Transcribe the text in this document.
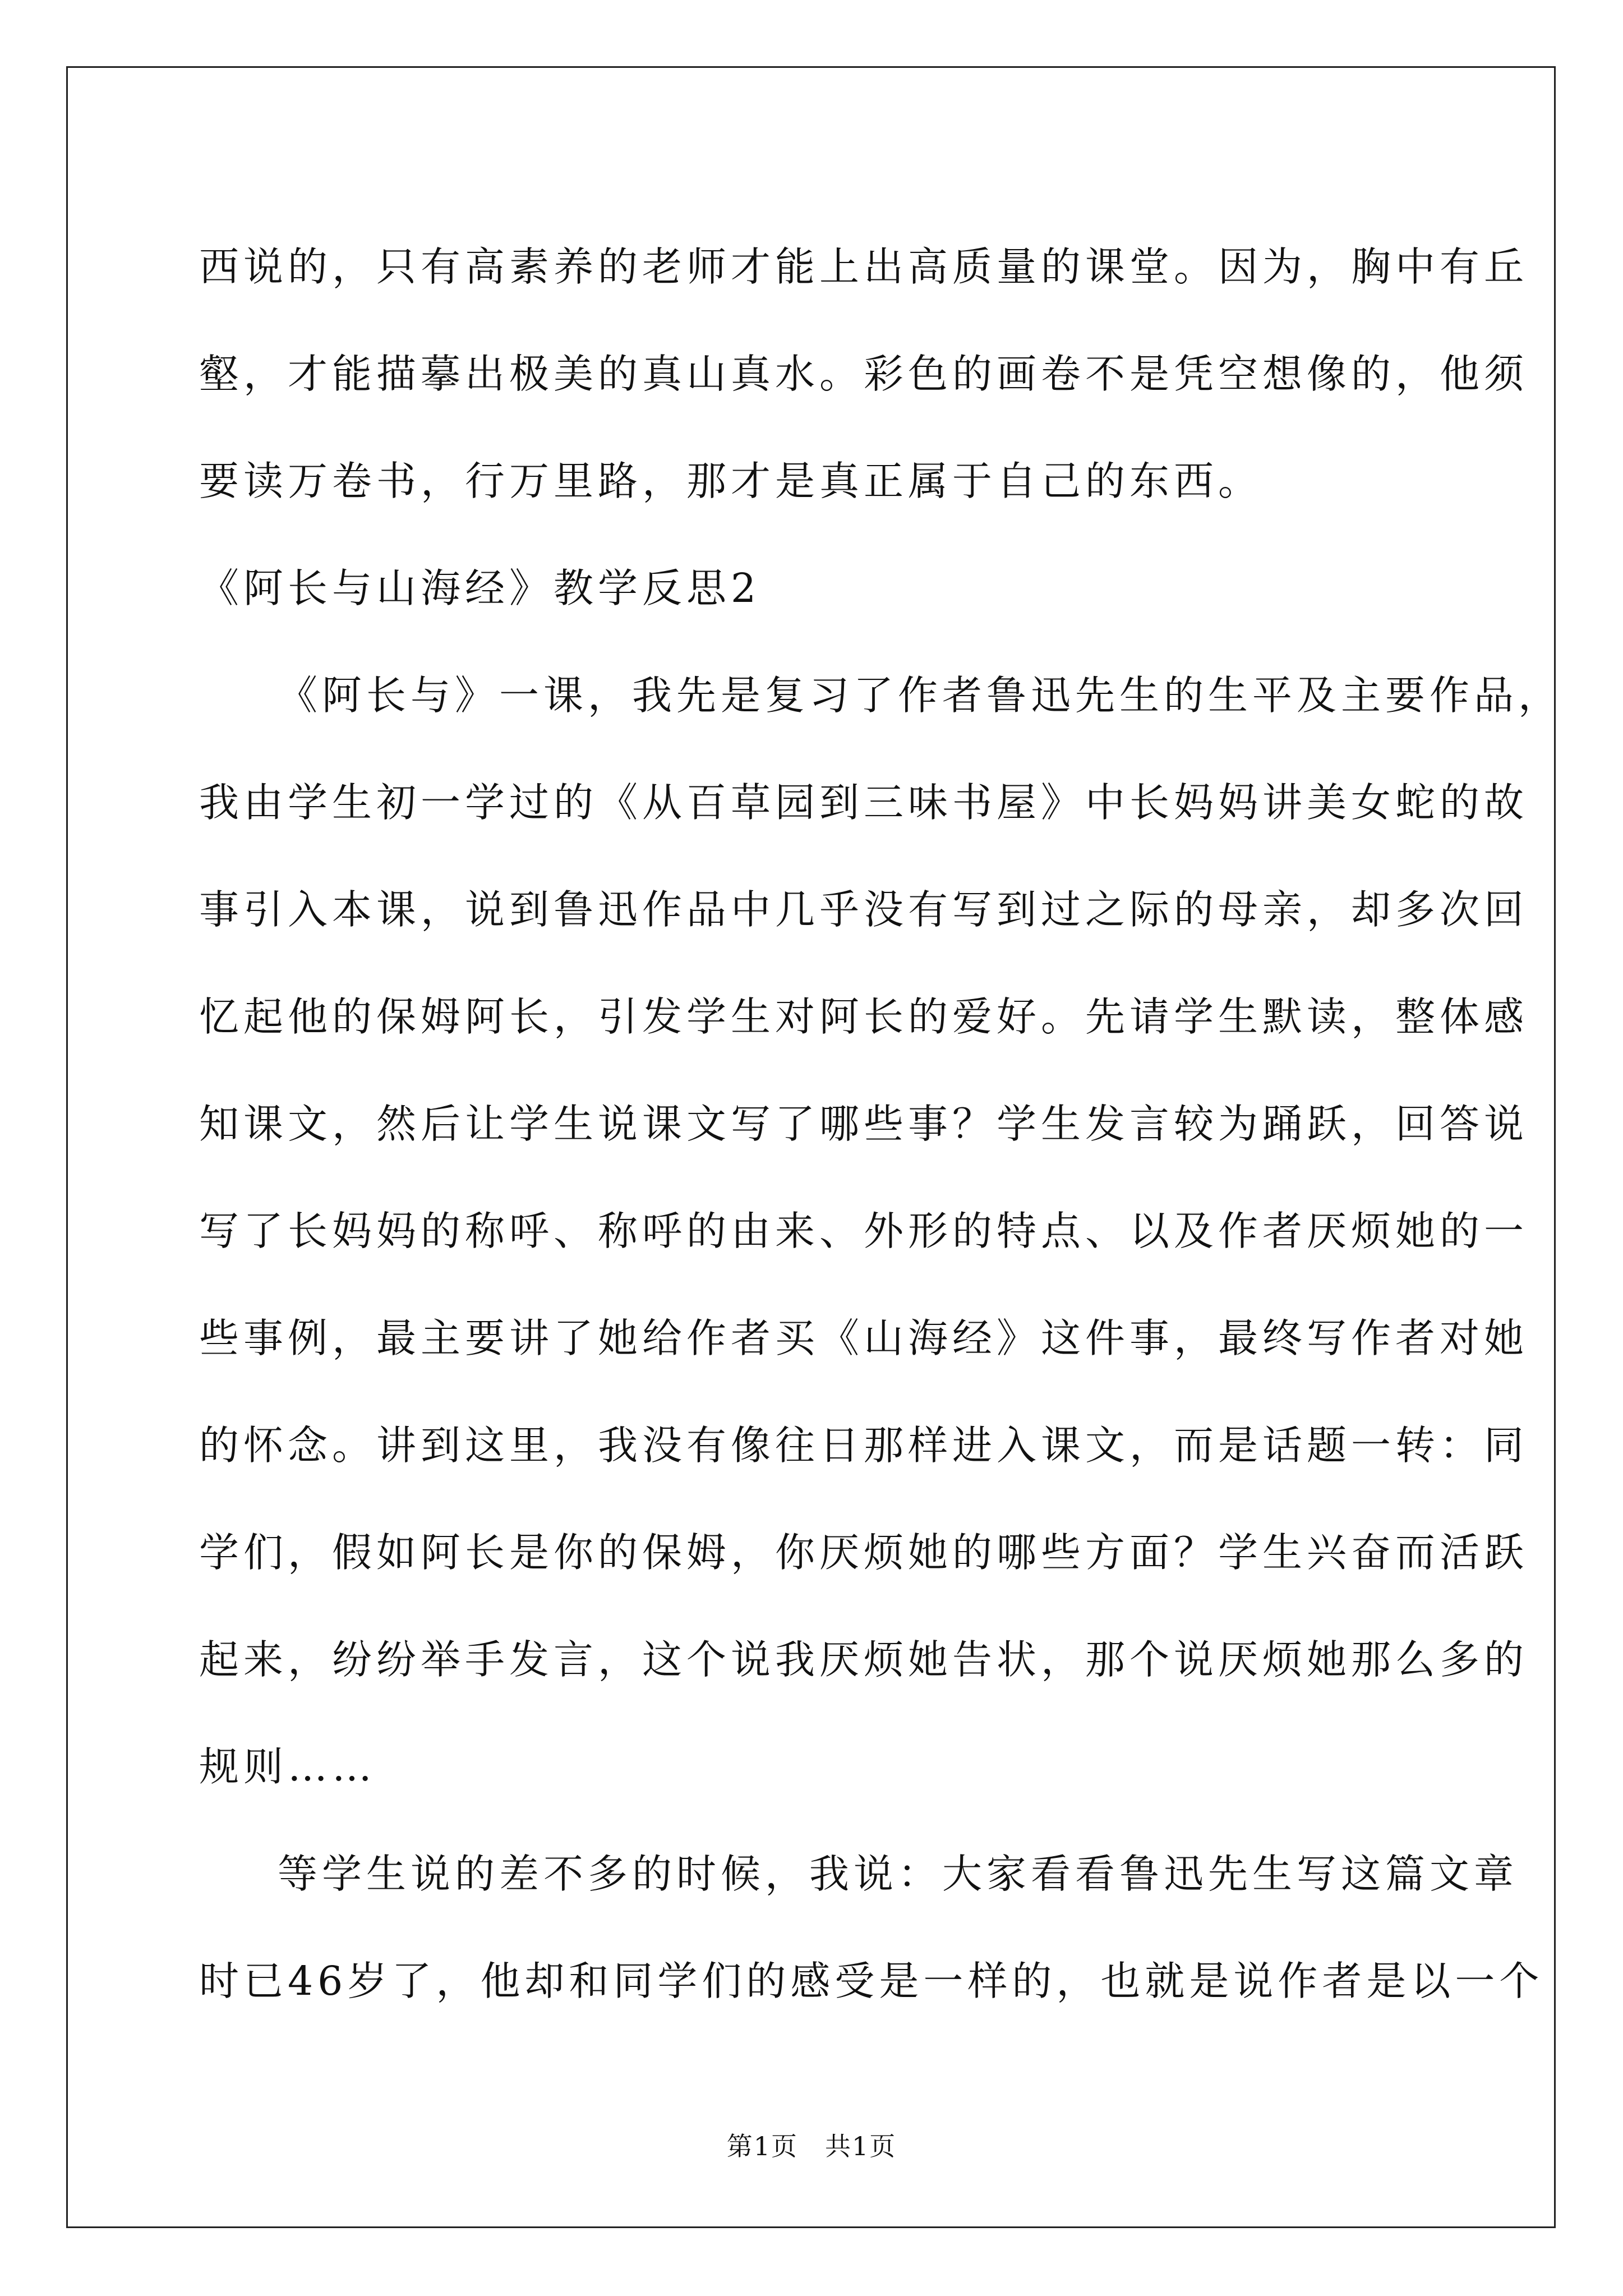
西说的，只有高素养的老师才能上出高质量的课堂。因为，胸中有丘
壑，才能描摹出极美的真山真水。彩色的画卷不是凭空想像的，他须
要读万卷书，行万里路，那才是真正属于自己的东西。
《阿长与山海经》教学反思2
《阿长与》一课，我先是复习了作者鲁迅先生的生平及主要作品，
我由学生初一学过的《从百草园到三味书屋》中长妈妈讲美女蛇的故
事引入本课，说到鲁迅作品中几乎没有写到过之际的母亲，却多次回
忆起他的保姆阿长，引发学生对阿长的爱好。先请学生默读，整体感
知课文，然后让学生说课文写了哪些事？学生发言较为踊跃，回答说
写了长妈妈的称呼、称呼的由来、外形的特点、以及作者厌烦她的一
些事例，最主要讲了她给作者买《山海经》这件事，最终写作者对她
的怀念。讲到这里，我没有像往日那样进入课文，而是话题一转：同
学们，假如阿长是你的保姆，你厌烦她的哪些方面？学生兴奋而活跃
起来，纷纷举手发言，这个说我厌烦她告状，那个说厌烦她那么多的
规则……
等学生说的差不多的时候，我说：大家看看鲁迅先生写这篇文章
时已46岁了，他却和同学们的感受是一样的，也就是说作者是以一个
第1页　共1页
